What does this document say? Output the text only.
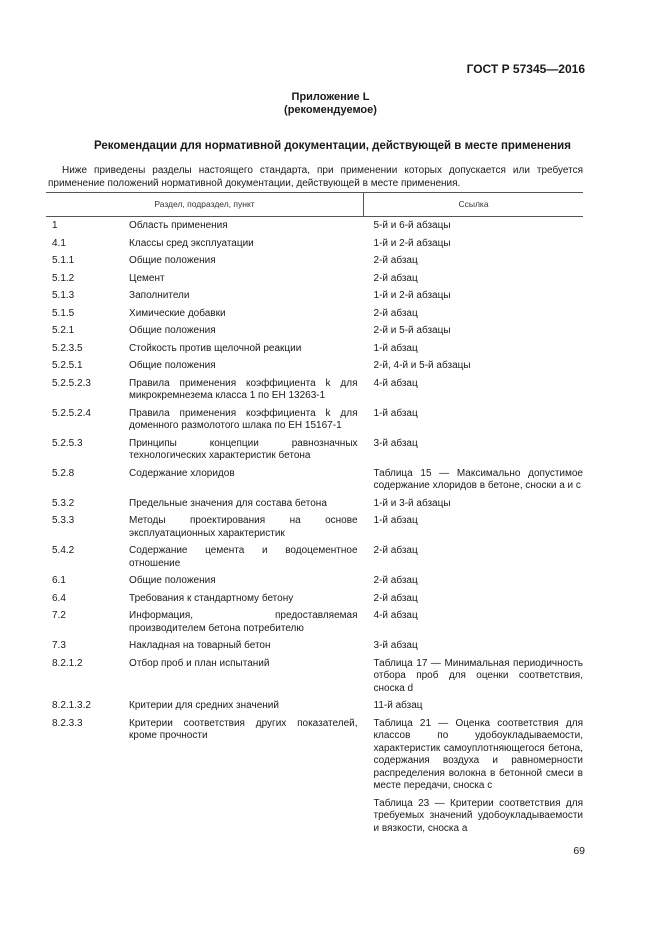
ГОСТ Р 57345—2016
Приложение L
(рекомендуемое)
Рекомендации для нормативной документации, действующей в месте применения
Ниже приведены разделы настоящего стандарта, при применении которых допускается или требуется применение положений нормативной документации, действующей в месте применения.
Раздел, подраздел, пункт		Ссылка
1	Область применения	5-й и 6-й абзацы

4.1	Классы сред эксплуатации	1-й и 2-й абзацы

5.1.1	Общие положения	2-й абзац

5.1.2	Цемент	2-й абзац

5.1.3	Заполнители	1-й и 2-й абзацы

5.1.5	Химические добавки	2-й абзац

5.2.1	Общие положения	2-й и 5-й абзацы

5.2.3.5	Стойкость против щелочной реакции	1-й абзац

5.2.5.1	Общие положения	2-й, 4-й и 5-й абзацы

5.2.5.2.3	Правила применения коэффициента k для микрокремнезема класса 1 по ЕН 13263-1	4-й абзац

5.2.5.2.4	Правила применения коэффициента k для доменного размолотого шлака по ЕН 15167-1	1-й абзац

5.2.5.3	Принципы концепции равнозначных технологических характеристик бетона	3-й абзац

5.2.8	Содержание хлоридов	Таблица 15 — Максимально допустимое содержание хлоридов в бетоне, сноски а и с

5.3.2	Предельные значения для состава бетона	1-й и 3-й абзацы

5.3.3	Методы проектирования на основе эксплуатационных характеристик	1-й абзац

5.4.2	Содержание цемента и водоцементное отношение	2-й абзац

6.1	Общие положения	2-й абзац

6.4	Требования к стандартному бетону	2-й абзац

7.2	Информация, предоставляемая производителем бетона потребителю	4-й абзац

7.3	Накладная на товарный бетон	3-й абзац

8.2.1.2	Отбор проб и план испытаний	Таблица 17 — Минимальная периодичность отбора проб для оценки соответствия, сноска d

8.2.1.3.2	Критерии для средних значений	11-й абзац

8.2.3.3	Критерии соответствия других показателей, кроме прочности	Таблица 21 — Оценка соответствия для классов по удобоукладываемости, характеристик самоуплотняющегося бетона, содержания воздуха и равномерности распределения волокна в бетонной смеси в месте передачи, сноска с
Таблица 23 — Критерии соответствия для требуемых значений удобоукладываемости и вязкости, сноска а
69
